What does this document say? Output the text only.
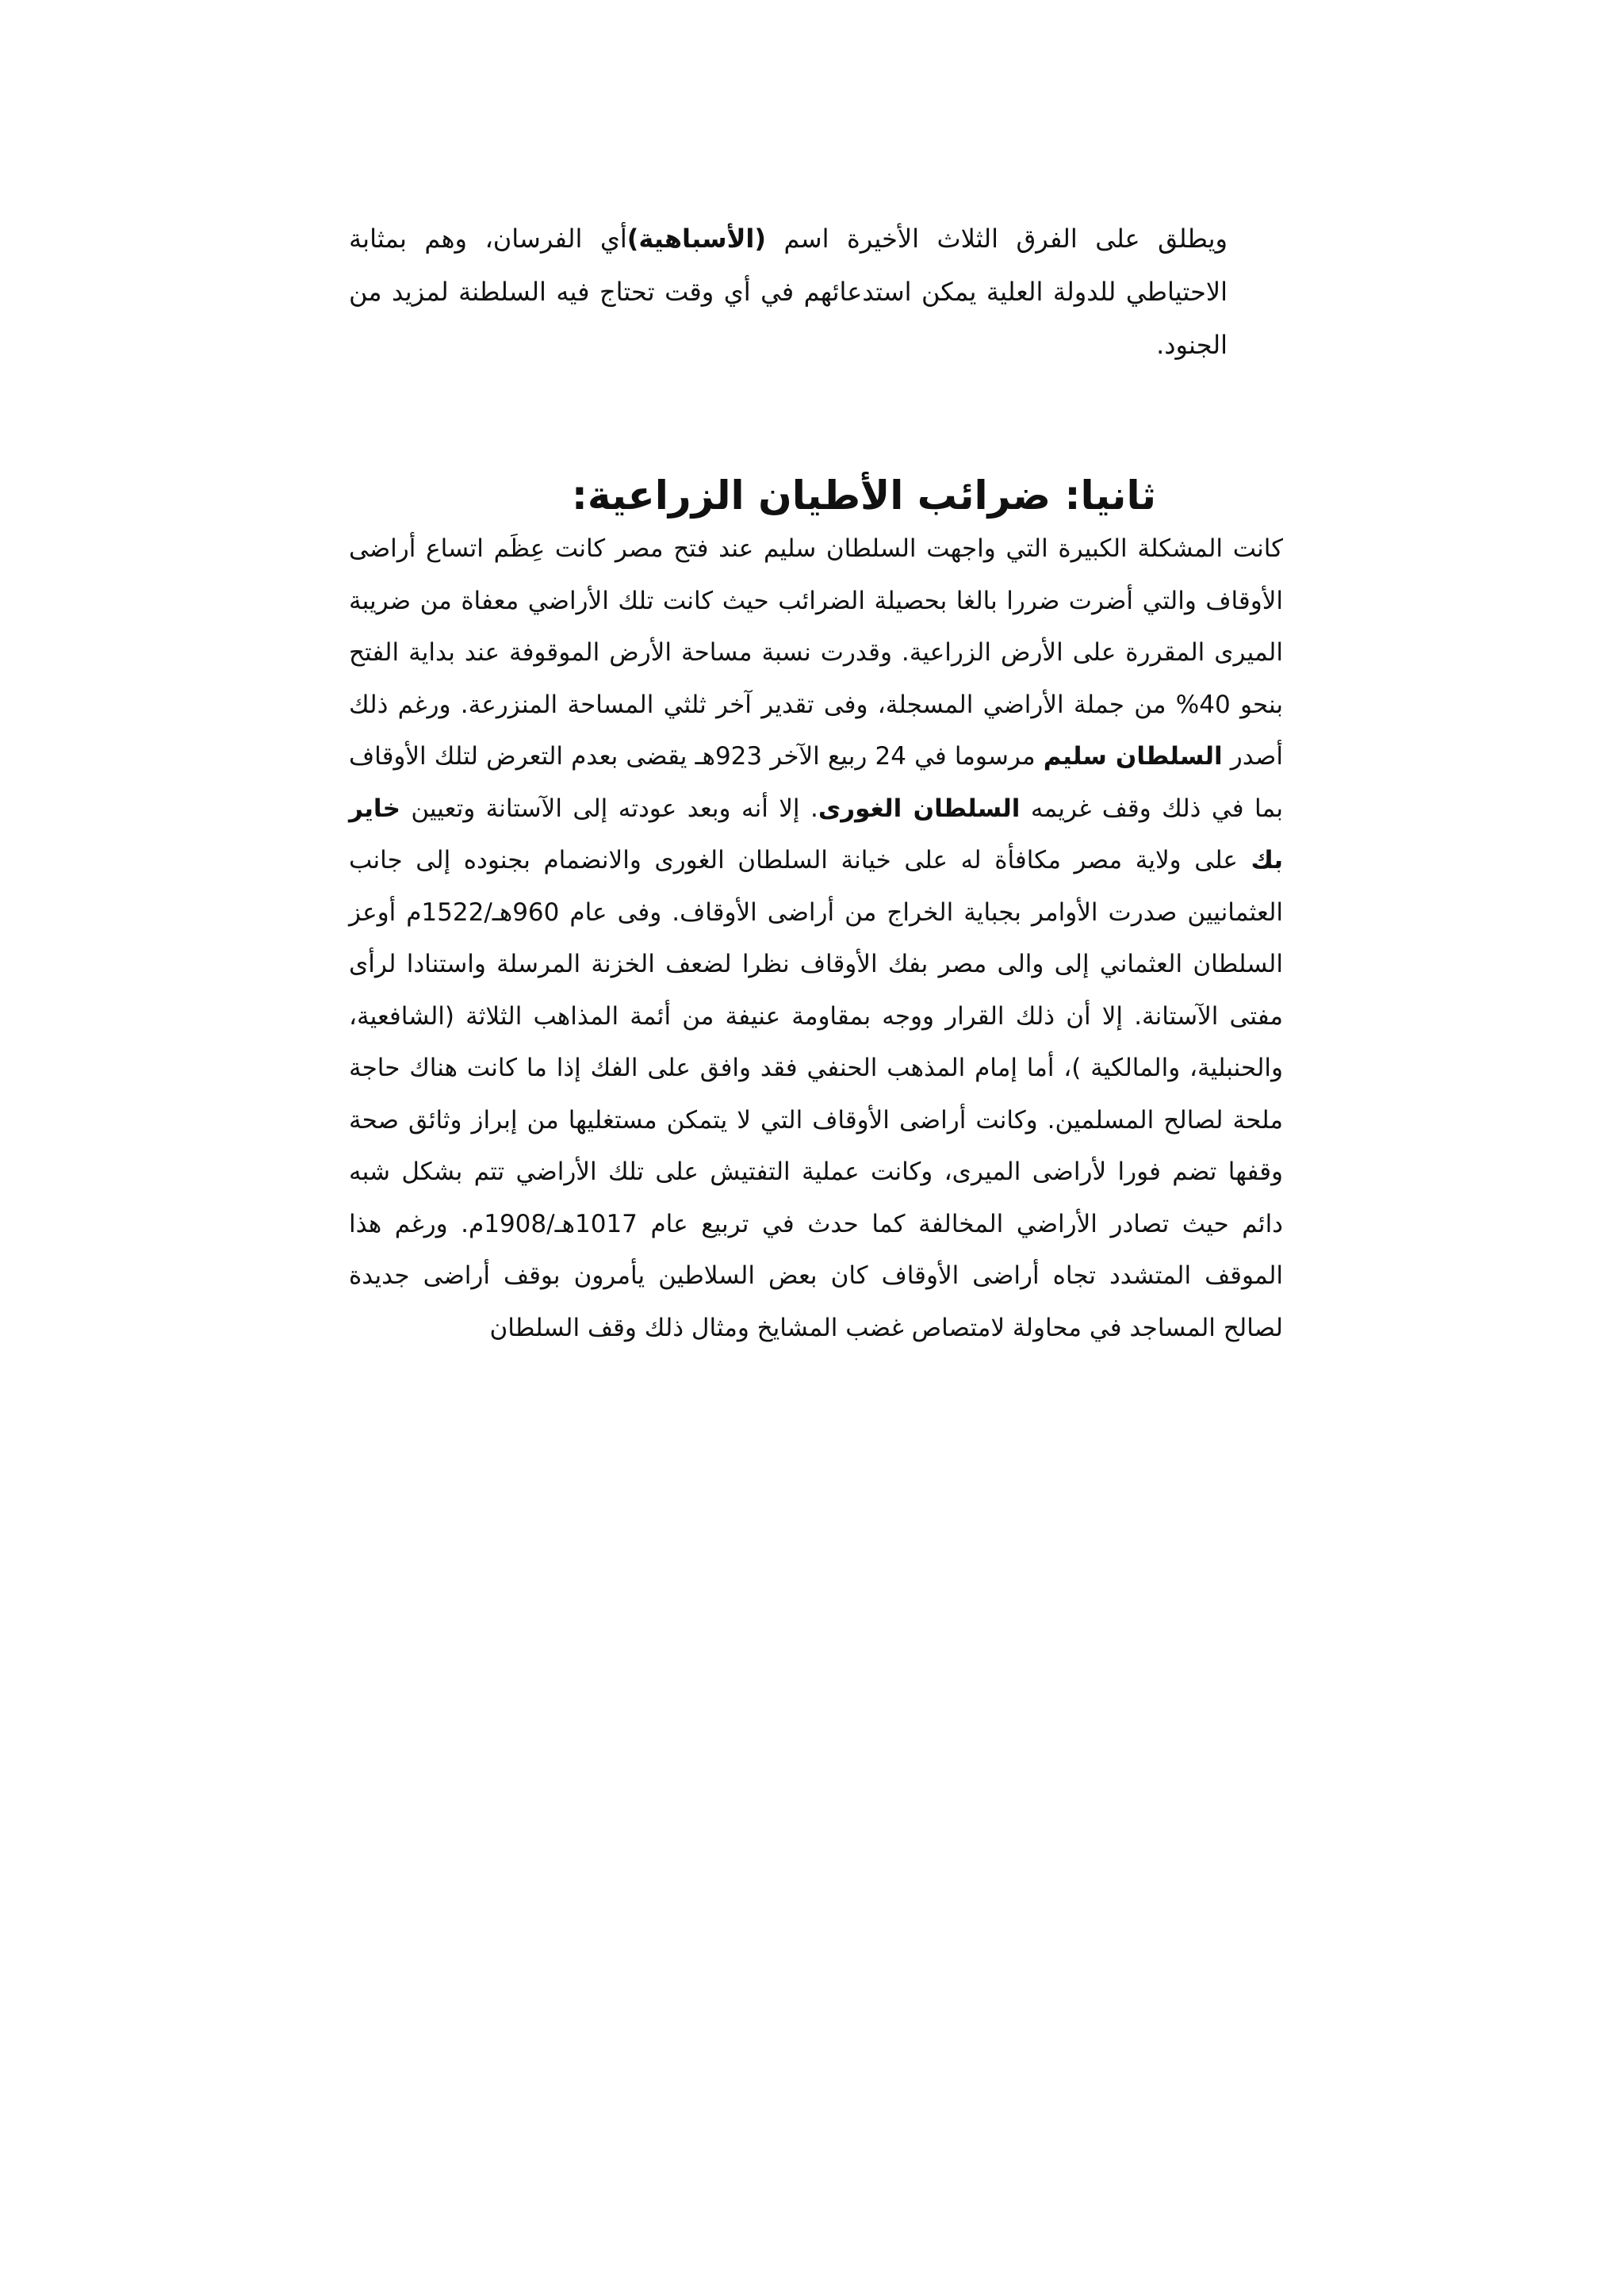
ويطلق على الفرق الثلاث الأخيرة اسم (الأسباهية)أي الفرسان، وهم بمثابة الاحتياطي للدولة العلية يمكن استدعائهم في أي وقت تحتاج فيه السلطنة لمزيد من الجنود.

ثانيا: ضرائب الأطيان الزراعية:

كانت المشكلة الكبيرة التي واجهت السلطان سليم عند فتح مصر كانت عِظَم اتساع أراضى الأوقاف والتي أضرت ضررا بالغا بحصيلة الضرائب حيث كانت تلك الأراضي معفاة من ضريبة الميرى المقررة على الأرض الزراعية. وقدرت نسبة مساحة الأرض الموقوفة عند بداية الفتح بنحو 40% من جملة الأراضي المسجلة، وفى تقدير آخر ثلثي المساحة المنزرعة. ورغم ذلك أصدر السلطان سليم مرسوما في 24 ربيع الآخر 923هـ يقضى بعدم التعرض لتلك الأوقاف بما في ذلك وقف غريمه السلطان الغورى. إلا أنه وبعد عودته إلى الآستانة وتعيين خاير بك على ولاية مصر مكافأة له على خيانة السلطان الغورى والانضمام بجنوده إلى جانب العثمانيين صدرت الأوامر بجباية الخراج من أراضى الأوقاف. وفى عام 960هـ/1522م أوعز السلطان العثماني إلى والى مصر بفك الأوقاف نظرا لضعف الخزنة المرسلة واستنادا لرأى مفتى الآستانة. إلا أن ذلك القرار ووجه بمقاومة عنيفة من أئمة المذاهب الثلاثة (الشافعية، والحنبلية، والمالكية )، أما إمام المذهب الحنفي فقد وافق على الفك إذا ما كانت هناك حاجة ملحة لصالح المسلمين. وكانت أراضى الأوقاف التي لا يتمكن مستغليها من إبراز وثائق صحة وقفها تضم فورا لأراضى الميرى، وكانت عملية التفتيش على تلك الأراضي تتم بشكل شبه دائم حيث تصادر الأراضي المخالفة كما حدث في تربيع عام 1017هـ/1908م. ورغم هذا الموقف المتشدد تجاه أراضى الأوقاف كان بعض السلاطين يأمرون بوقف أراضى جديدة لصالح المساجد في محاولة لامتصاص غضب المشايخ ومثال ذلك وقف السلطان
